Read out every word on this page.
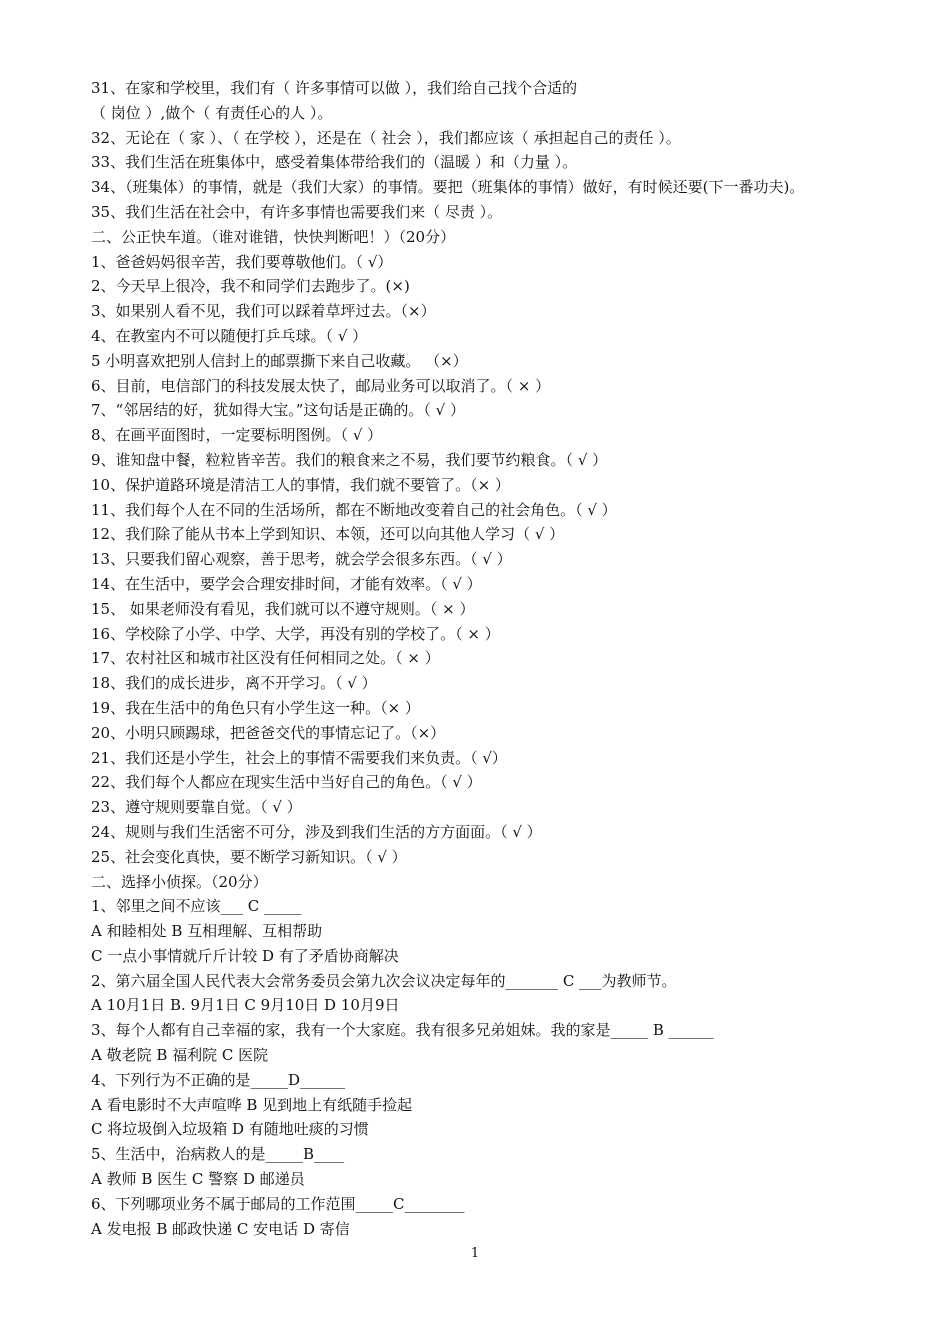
31、在家和学校里，我们有（ 许多事情可以做 ），我们给自己找个合适的
（ 岗位 ）,做个（ 有责任心的人 ）。
32、无论在（ 家 ）、（ 在学校 ），还是在（ 社会 ），我们都应该（ 承担起自己的责任 ）。
33、我们生活在班集体中，感受着集体带给我们的（温暖 ）和（力量 ）。
34、（班集体）的事情，就是（我们大家）的事情。要把（班集体的事情）做好，有时候还要(下一番功夫)。
35、我们生活在社会中，有许多事情也需要我们来（ 尽责 ）。
二、公正快车道。（谁对谁错，快快判断吧！）（20分）
1、爸爸妈妈很辛苦，我们要尊敬他们。（ √）
2、今天早上很冷，我不和同学们去跑步了。(×)
3、如果别人看不见，我们可以踩着草坪过去。（×）
4、在教室内不可以随便打乒乓球。（ √ ）
5 小明喜欢把别人信封上的邮票撕下来自己收藏。 （×）
6、目前，电信部门的科技发展太快了，邮局业务可以取消了。（ × ）
7、“邻居结的好，犹如得大宝。”这句话是正确的。（ √ ）
8、在画平面图时，一定要标明图例。（ √ ）
9、谁知盘中餐，粒粒皆辛苦。我们的粮食来之不易，我们要节约粮食。（ √ ）
10、保护道路环境是清洁工人的事情，我们就不要管了。（× ）
11、我们每个人在不同的生活场所，都在不断地改变着自己的社会角色。（ √ ）
12、我们除了能从书本上学到知识、本领，还可以向其他人学习（ √ ）
13、只要我们留心观察，善于思考，就会学会很多东西。（ √ ）
14、在生活中，要学会合理安排时间，才能有效率。（ √ ）
15、 如果老师没有看见，我们就可以不遵守规则。（ × ）
16、学校除了小学、中学、大学，再没有别的学校了。（ × ）
17、农村社区和城市社区没有任何相同之处。（ × ）
18、我们的成长进步，离不开学习。（ √ ）
19、我在生活中的角色只有小学生这一种。（× ）
20、小明只顾踢球，把爸爸交代的事情忘记了。（×）
21、我们还是小学生，社会上的事情不需要我们来负责。（ √）
22、我们每个人都应在现实生活中当好自己的角色。（ √ ）
23、遵守规则要靠自觉。（ √ ）
24、规则与我们生活密不可分，涉及到我们生活的方方面面。（ √ ）
25、社会变化真快，要不断学习新知识。（ √ ）
二、选择小侦探。（20分）
1、邻里之间不应该___ C _____
A 和睦相处 B 互相理解、互相帮助
C 一点小事情就斤斤计较 D 有了矛盾协商解决
2、第六届全国人民代表大会常务委员会第九次会议决定每年的_______ C ___为教师节。
A 10月1日 B. 9月1日 C 9月10日 D 10月9日
3、每个人都有自己幸福的家，我有一个大家庭。我有很多兄弟姐妹。我的家是_____ B ______
A 敬老院 B 福利院 C 医院
4、下列行为不正确的是_____D______
A 看电影时不大声喧哗 B 见到地上有纸随手捡起
C 将垃圾倒入垃圾箱 D 有随地吐痰的习惯
5、生活中，治病救人的是_____B____
A 教师 B 医生 C 警察 D 邮递员
6、下列哪项业务不属于邮局的工作范围_____C________
A 发电报 B 邮政快递 C 安电话 D 寄信
1
